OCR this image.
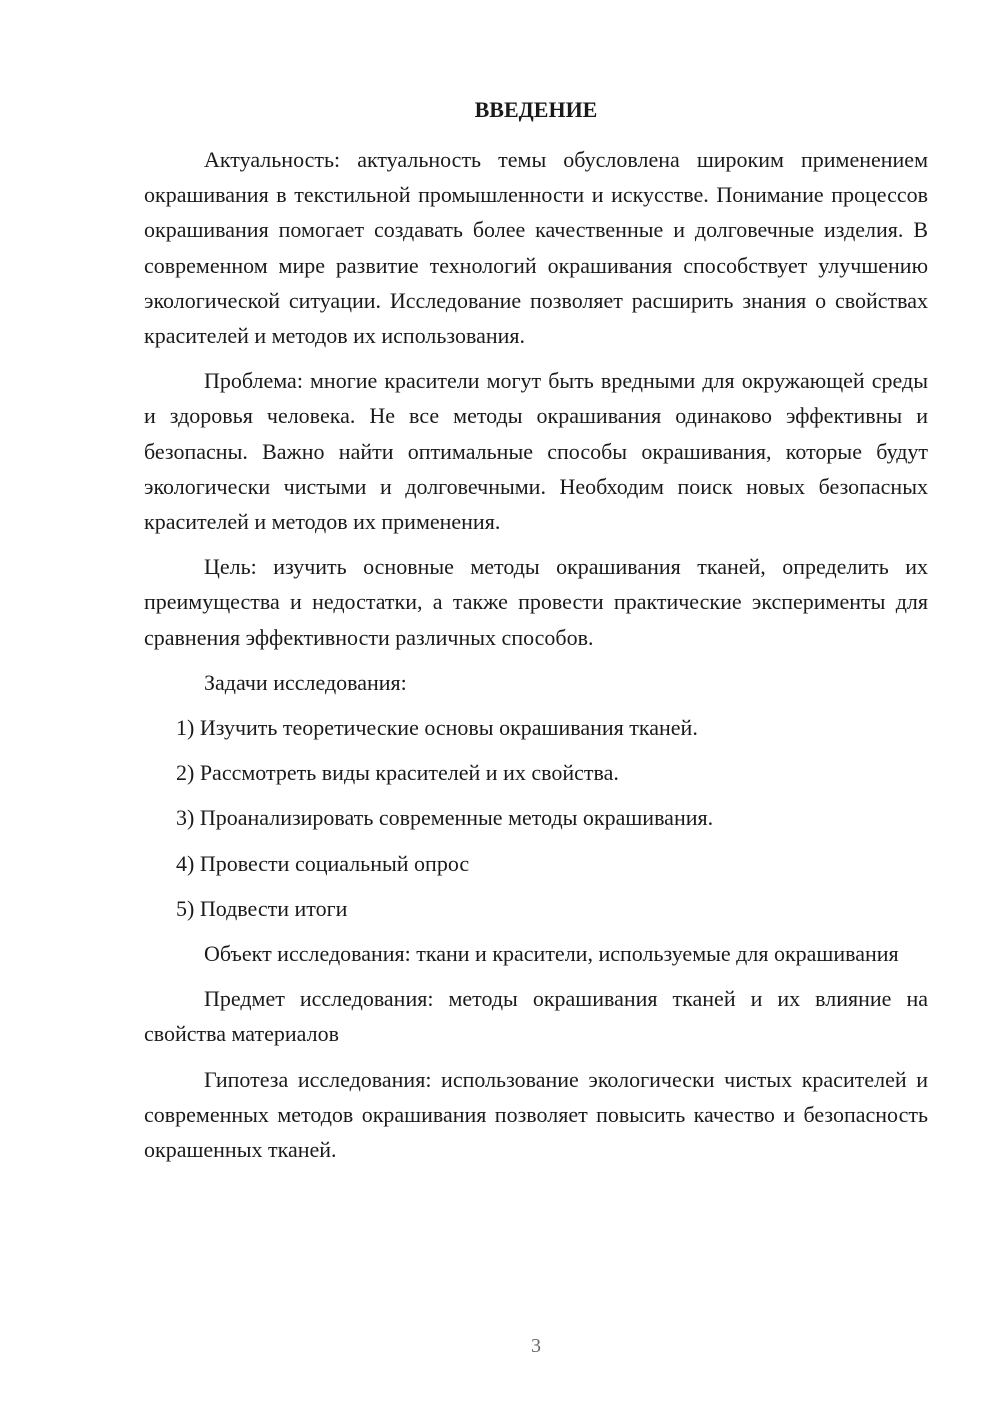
ВВЕДЕНИЕ

Актуальность: актуальность темы обусловлена широким применением окрашивания в текстильной промышленности и искусстве. Понимание процессов окрашивания помогает создавать более качественные и долговечные изделия. В современном мире развитие технологий окрашивания способствует улучшению экологической ситуации. Исследование позволяет расширить знания о свойствах красителей и методов их использования.

Проблема: многие красители могут быть вредными для окружающей среды и здоровья человека. Не все методы окрашивания одинаково эффективны и безопасны. Важно найти оптимальные способы окрашивания, которые будут экологически чистыми и долговечными. Необходим поиск новых безопасных красителей и методов их применения.

Цель: изучить основные методы окрашивания тканей, определить их преимущества и недостатки, а также провести практические эксперименты для сравнения эффективности различных способов.

Задачи исследования:

1) Изучить теоретические основы окрашивания тканей.
2) Рассмотреть виды красителей и их свойства.
3) Проанализировать современные методы окрашивания.
4) Провести социальный опрос
5) Подвести итоги

Объект исследования: ткани и красители, используемые для окрашивания

Предмет исследования: методы окрашивания тканей и их влияние на свойства материалов

Гипотеза исследования: использование экологически чистых красителей и современных методов окрашивания позволяет повысить качество и безопасность окрашенных тканей.

3
